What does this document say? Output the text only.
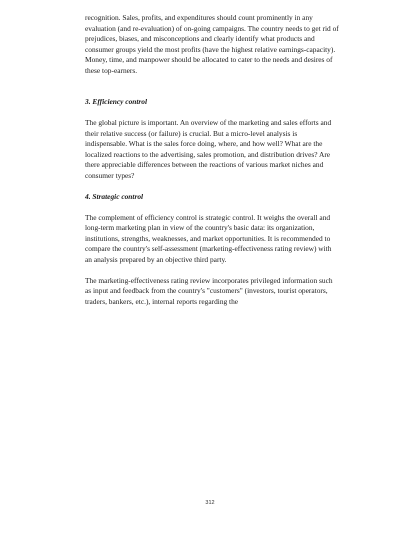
recognition. Sales, profits, and expenditures should count prominently in any evaluation (and re-evaluation) of on-going campaigns. The country needs to get rid of prejudices, biases, and misconceptions and clearly identify what products and consumer groups yield the most profits (have the highest relative earnings-capacity). Money, time, and manpower should be allocated to cater to the needs and desires of these top-earners.

3. Efficiency control

The global picture is important. An overview of the marketing and sales efforts and their relative success (or failure) is crucial. But a micro-level analysis is indispensable. What is the sales force doing, where, and how well? What are the localized reactions to the advertising, sales promotion, and distribution drives? Are there appreciable differences between the reactions of various market niches and consumer types?

4. Strategic control

The complement of efficiency control is strategic control. It weighs the overall and long-term marketing plan in view of the country's basic data: its organization, institutions, strengths, weaknesses, and market opportunities. It is recommended to compare the country's self-assessment (marketing-effectiveness rating review) with an analysis prepared by an objective third party.

The marketing-effectiveness rating review incorporates privileged information such as input and feedback from the country's "customers" (investors, tourist operators, traders, bankers, etc.), internal reports regarding the

312
